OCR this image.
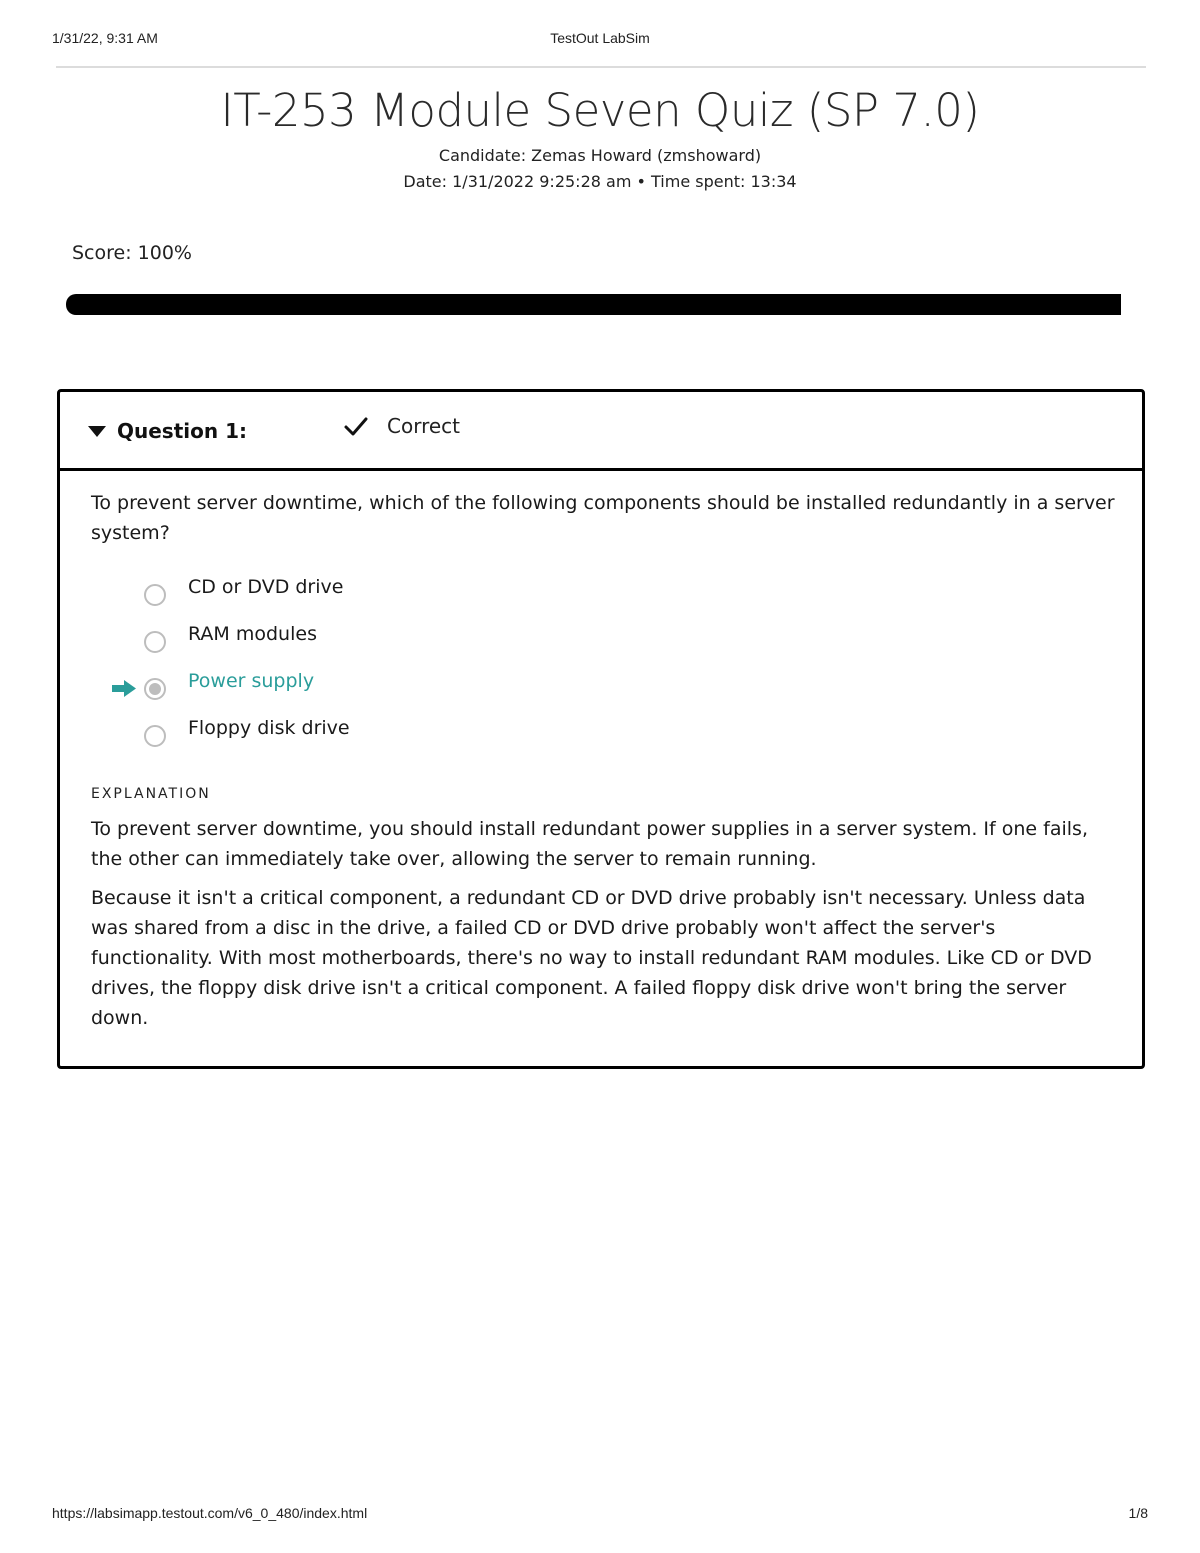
1/31/22, 9:31 AM	TestOut LabSim
IT-253 Module Seven Quiz (SP 7.0)
Candidate: Zemas Howard (zmshoward)
Date: 1/31/2022 9:25:28 am • Time spent: 13:34
Score: 100%
Question 1:	Correct
To prevent server downtime, which of the following components should be installed redundantly in a server system?
CD or DVD drive
RAM modules
Power supply
Floppy disk drive
EXPLANATION

To prevent server downtime, you should install redundant power supplies in a server system. If one fails, the other can immediately take over, allowing the server to remain running.

Because it isn't a critical component, a redundant CD or DVD drive probably isn't necessary. Unless data was shared from a disc in the drive, a failed CD or DVD drive probably won't affect the server's functionality. With most motherboards, there's no way to install redundant RAM modules. Like CD or DVD drives, the floppy disk drive isn't a critical component. A failed floppy disk drive won't bring the server down.

https://labsimapp.testout.com/v6_0_480/index.html	1/8
